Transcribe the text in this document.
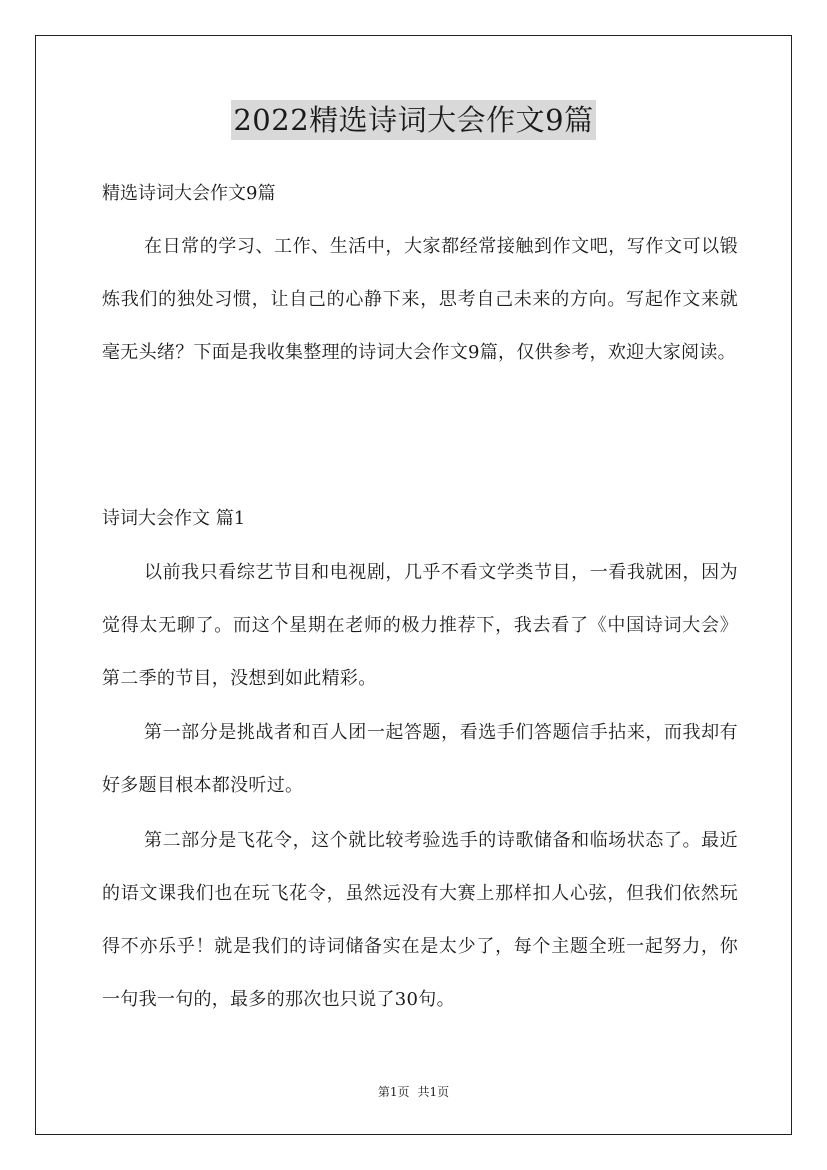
2022精选诗词大会作文9篇
精选诗词大会作文9篇
在日常的学习、工作、生活中，大家都经常接触到作文吧，写作文可以锻炼我们的独处习惯，让自己的心静下来，思考自己未来的方向。写起作文来就毫无头绪？下面是我收集整理的诗词大会作文9篇，仅供参考，欢迎大家阅读。
诗词大会作文 篇1
以前我只看综艺节目和电视剧，几乎不看文学类节目，一看我就困，因为觉得太无聊了。而这个星期在老师的极力推荐下，我去看了《中国诗词大会》第二季的节目，没想到如此精彩。
第一部分是挑战者和百人团一起答题，看选手们答题信手拈来，而我却有好多题目根本都没听过。
第二部分是飞花令，这个就比较考验选手的诗歌储备和临场状态了。最近的语文课我们也在玩飞花令，虽然远没有大赛上那样扣人心弦，但我们依然玩得不亦乐乎！就是我们的诗词储备实在是太少了，每个主题全班一起努力，你一句我一句的，最多的那次也只说了30句。
第1页 共1页
